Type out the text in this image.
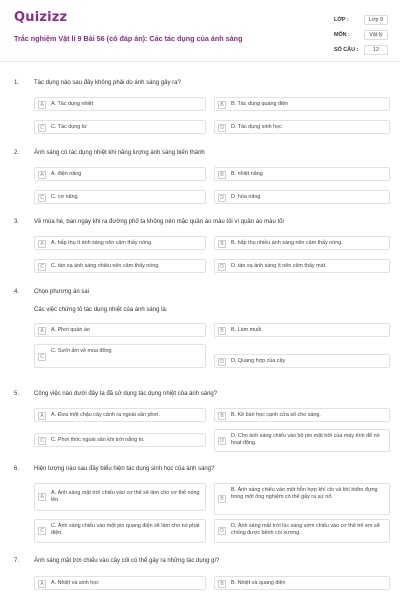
Quizizz
Trắc nghiệm Vật lí 9 Bài 56 (có đáp án): Các tác dụng của ánh sáng
LỚP :	Lớp 9
MÔN :	Vật lý
SỐ CÂU :	12
1. Tác dụng nào sau đây không phải do ánh sáng gây ra?
A	A. Tác dụng nhiệt	B	B. Tác dụng quang điện
C	C. Tác dụng từ	D	D. Tác dụng sinh học
2. Ánh sáng có tác dụng nhiệt khi năng lượng ánh sáng biến thành
A	A. điện năng	B	B. nhiệt năng
C	C. cơ năng	D	D. hóa năng
3. Về mùa hè, ban ngày khi ra đường phố ta không nên mặc quần áo màu tối vì quần áo màu tối
A	A. hấp thụ ít ánh sáng nên cảm thấy nóng.	B	B. hấp thụ nhiều ánh sáng nên cảm thấy nóng.
C	C. tán xạ ánh sáng nhiều nên cảm thấy nóng.	D	D. tán xạ ánh sáng ít nên cảm thấy mát.
4. Chọn phương án sai
Các việc chứng tỏ tác dụng nhiệt của ánh sáng là:
A	A. Phơi quần áo	B	B. Làm muối
C
C. Sưởi ấm về mùa đông
D	D. Quang hợp của cây
5. Công việc nào dưới đây ta đã sử dụng tác dụng nhiệt của ánh sáng?
A	A. Đưa một chậu cây cảnh ra ngoài sân phơi.	B	B. Kê bàn học cạnh cửa sổ cho sáng.
C	C. Phơi thóc ngoài sân khi trời nắng to.	D
D. Cho ánh sáng chiếu vào bộ pin mặt trời của máy tính để nó hoạt động.
6. Hiện tượng nào sau đây biểu hiện tác dụng sinh học của ánh sáng?
A
A. Ánh sáng mặt trời chiếu vào cơ thể sẽ làm cho cơ thể nóng lên.	B
B. Ánh sáng chiếu vào một hỗn hợp khí clo và khí hiđro đựng trong một ống nghiệm có thể gây ra sự nổ.
C
C. Ánh sáng chiếu vào một pin quang điện sẽ làm cho nó phát điện.	D
D. Ánh sáng mặt trời lúc sáng sớm chiếu vào cơ thể trẻ em sẽ chống được bệnh còi xương.
7. Ánh sáng mặt trời chiếu vào cây cối có thể gây ra những tác dụng gì?
A	A. Nhiệt và sinh học	B	B. Nhiệt và quang điện
